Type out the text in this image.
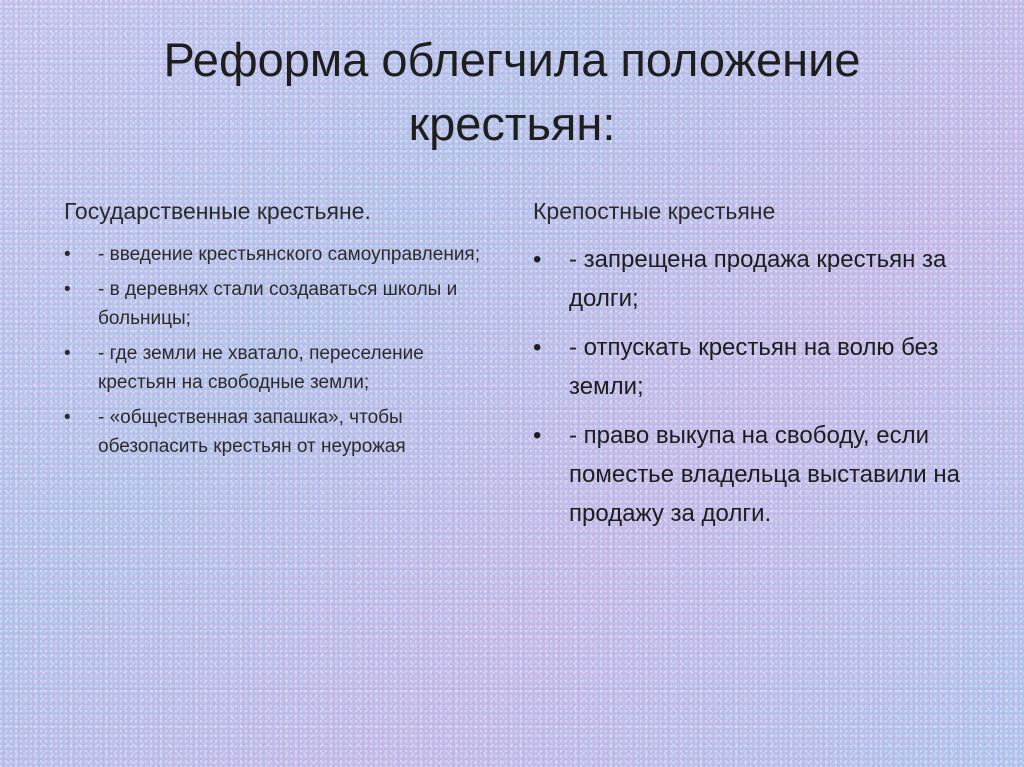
Реформа облегчила положение крестьян:
Государственные крестьяне.
• - введение крестьянского самоуправления;
• - в деревнях стали создаваться школы и больницы;
• - где земли не хватало, переселение крестьян на свободные земли;
• - «общественная запашка», чтобы обезопасить крестьян от неурожая
Крепостные крестьяне
• - запрещена продажа крестьян за долги;
• - отпускать крестьян на волю без земли;
• - право выкупа на свободу, если поместье владельца выставили на продажу за долги.
